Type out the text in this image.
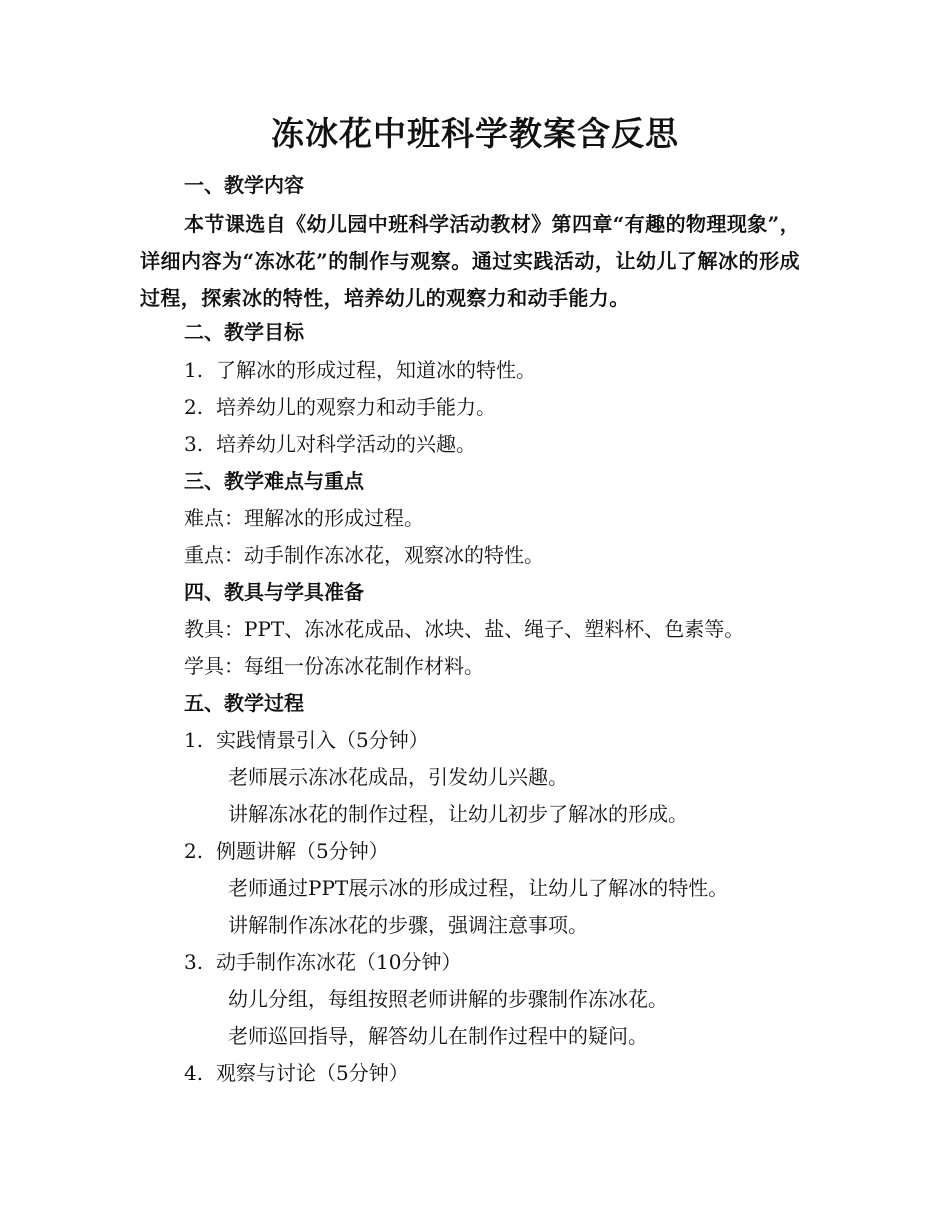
冻冰花中班科学教案含反思
一、教学内容
本节课选自《幼儿园中班科学活动教材》第四章“有趣的物理现象”，详细内容为“冻冰花”的制作与观察。通过实践活动，让幼儿了解冰的形成过程，探索冰的特性，培养幼儿的观察力和动手能力。
二、教学目标
1. 了解冰的形成过程，知道冰的特性。
2. 培养幼儿的观察力和动手能力。
3. 培养幼儿对科学活动的兴趣。
三、教学难点与重点
难点：理解冰的形成过程。
重点：动手制作冻冰花，观察冰的特性。
四、教具与学具准备
教具：PPT、冻冰花成品、冰块、盐、绳子、塑料杯、色素等。
学具：每组一份冻冰花制作材料。
五、教学过程
1. 实践情景引入（5分钟）
老师展示冻冰花成品，引发幼儿兴趣。
讲解冻冰花的制作过程，让幼儿初步了解冰的形成。
2. 例题讲解（5分钟）
老师通过PPT展示冰的形成过程，让幼儿了解冰的特性。
讲解制作冻冰花的步骤，强调注意事项。
3. 动手制作冻冰花（10分钟）
幼儿分组，每组按照老师讲解的步骤制作冻冰花。
老师巡回指导，解答幼儿在制作过程中的疑问。
4. 观察与讨论（5分钟）
